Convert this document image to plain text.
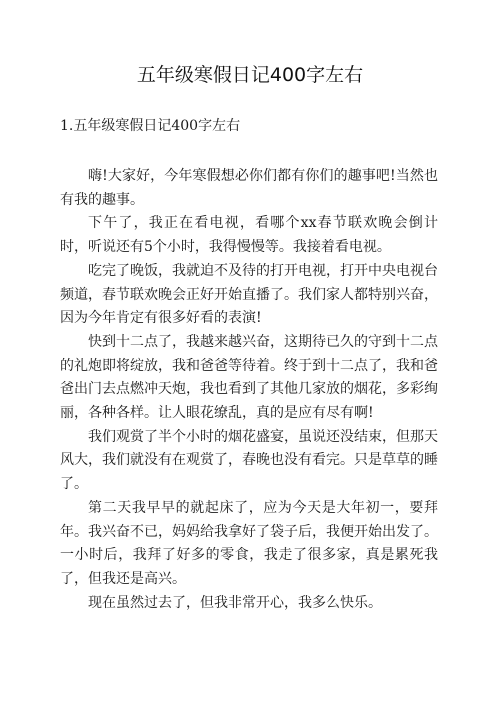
五年级寒假日记400字左右
1.五年级寒假日记400字左右

嗨!大家好，今年寒假想必你们都有你们的趣事吧!当然也有我的趣事。

下午了，我正在看电视，看哪个xx春节联欢晚会倒计时，听说还有5个小时，我得慢慢等。我接着看电视。

吃完了晚饭，我就迫不及待的打开电视，打开中央电视台频道，春节联欢晚会正好开始直播了。我们家人都特别兴奋，因为今年肯定有很多好看的表演!

快到十二点了，我越来越兴奋，这期待已久的守到十二点的礼炮即将绽放，我和爸爸等待着。终于到十二点了，我和爸爸出门去点燃冲天炮，我也看到了其他几家放的烟花，多彩绚丽，各种各样。让人眼花缭乱，真的是应有尽有啊!

我们观赏了半个小时的烟花盛宴，虽说还没结束，但那天风大，我们就没有在观赏了，春晚也没有看完。只是草草的睡了。

第二天我早早的就起床了，应为今天是大年初一，要拜年。我兴奋不已，妈妈给我拿好了袋子后，我便开始出发了。一小时后，我拜了好多的零食，我走了很多家，真是累死我了，但我还是高兴。

现在虽然过去了，但我非常开心，我多么快乐。
